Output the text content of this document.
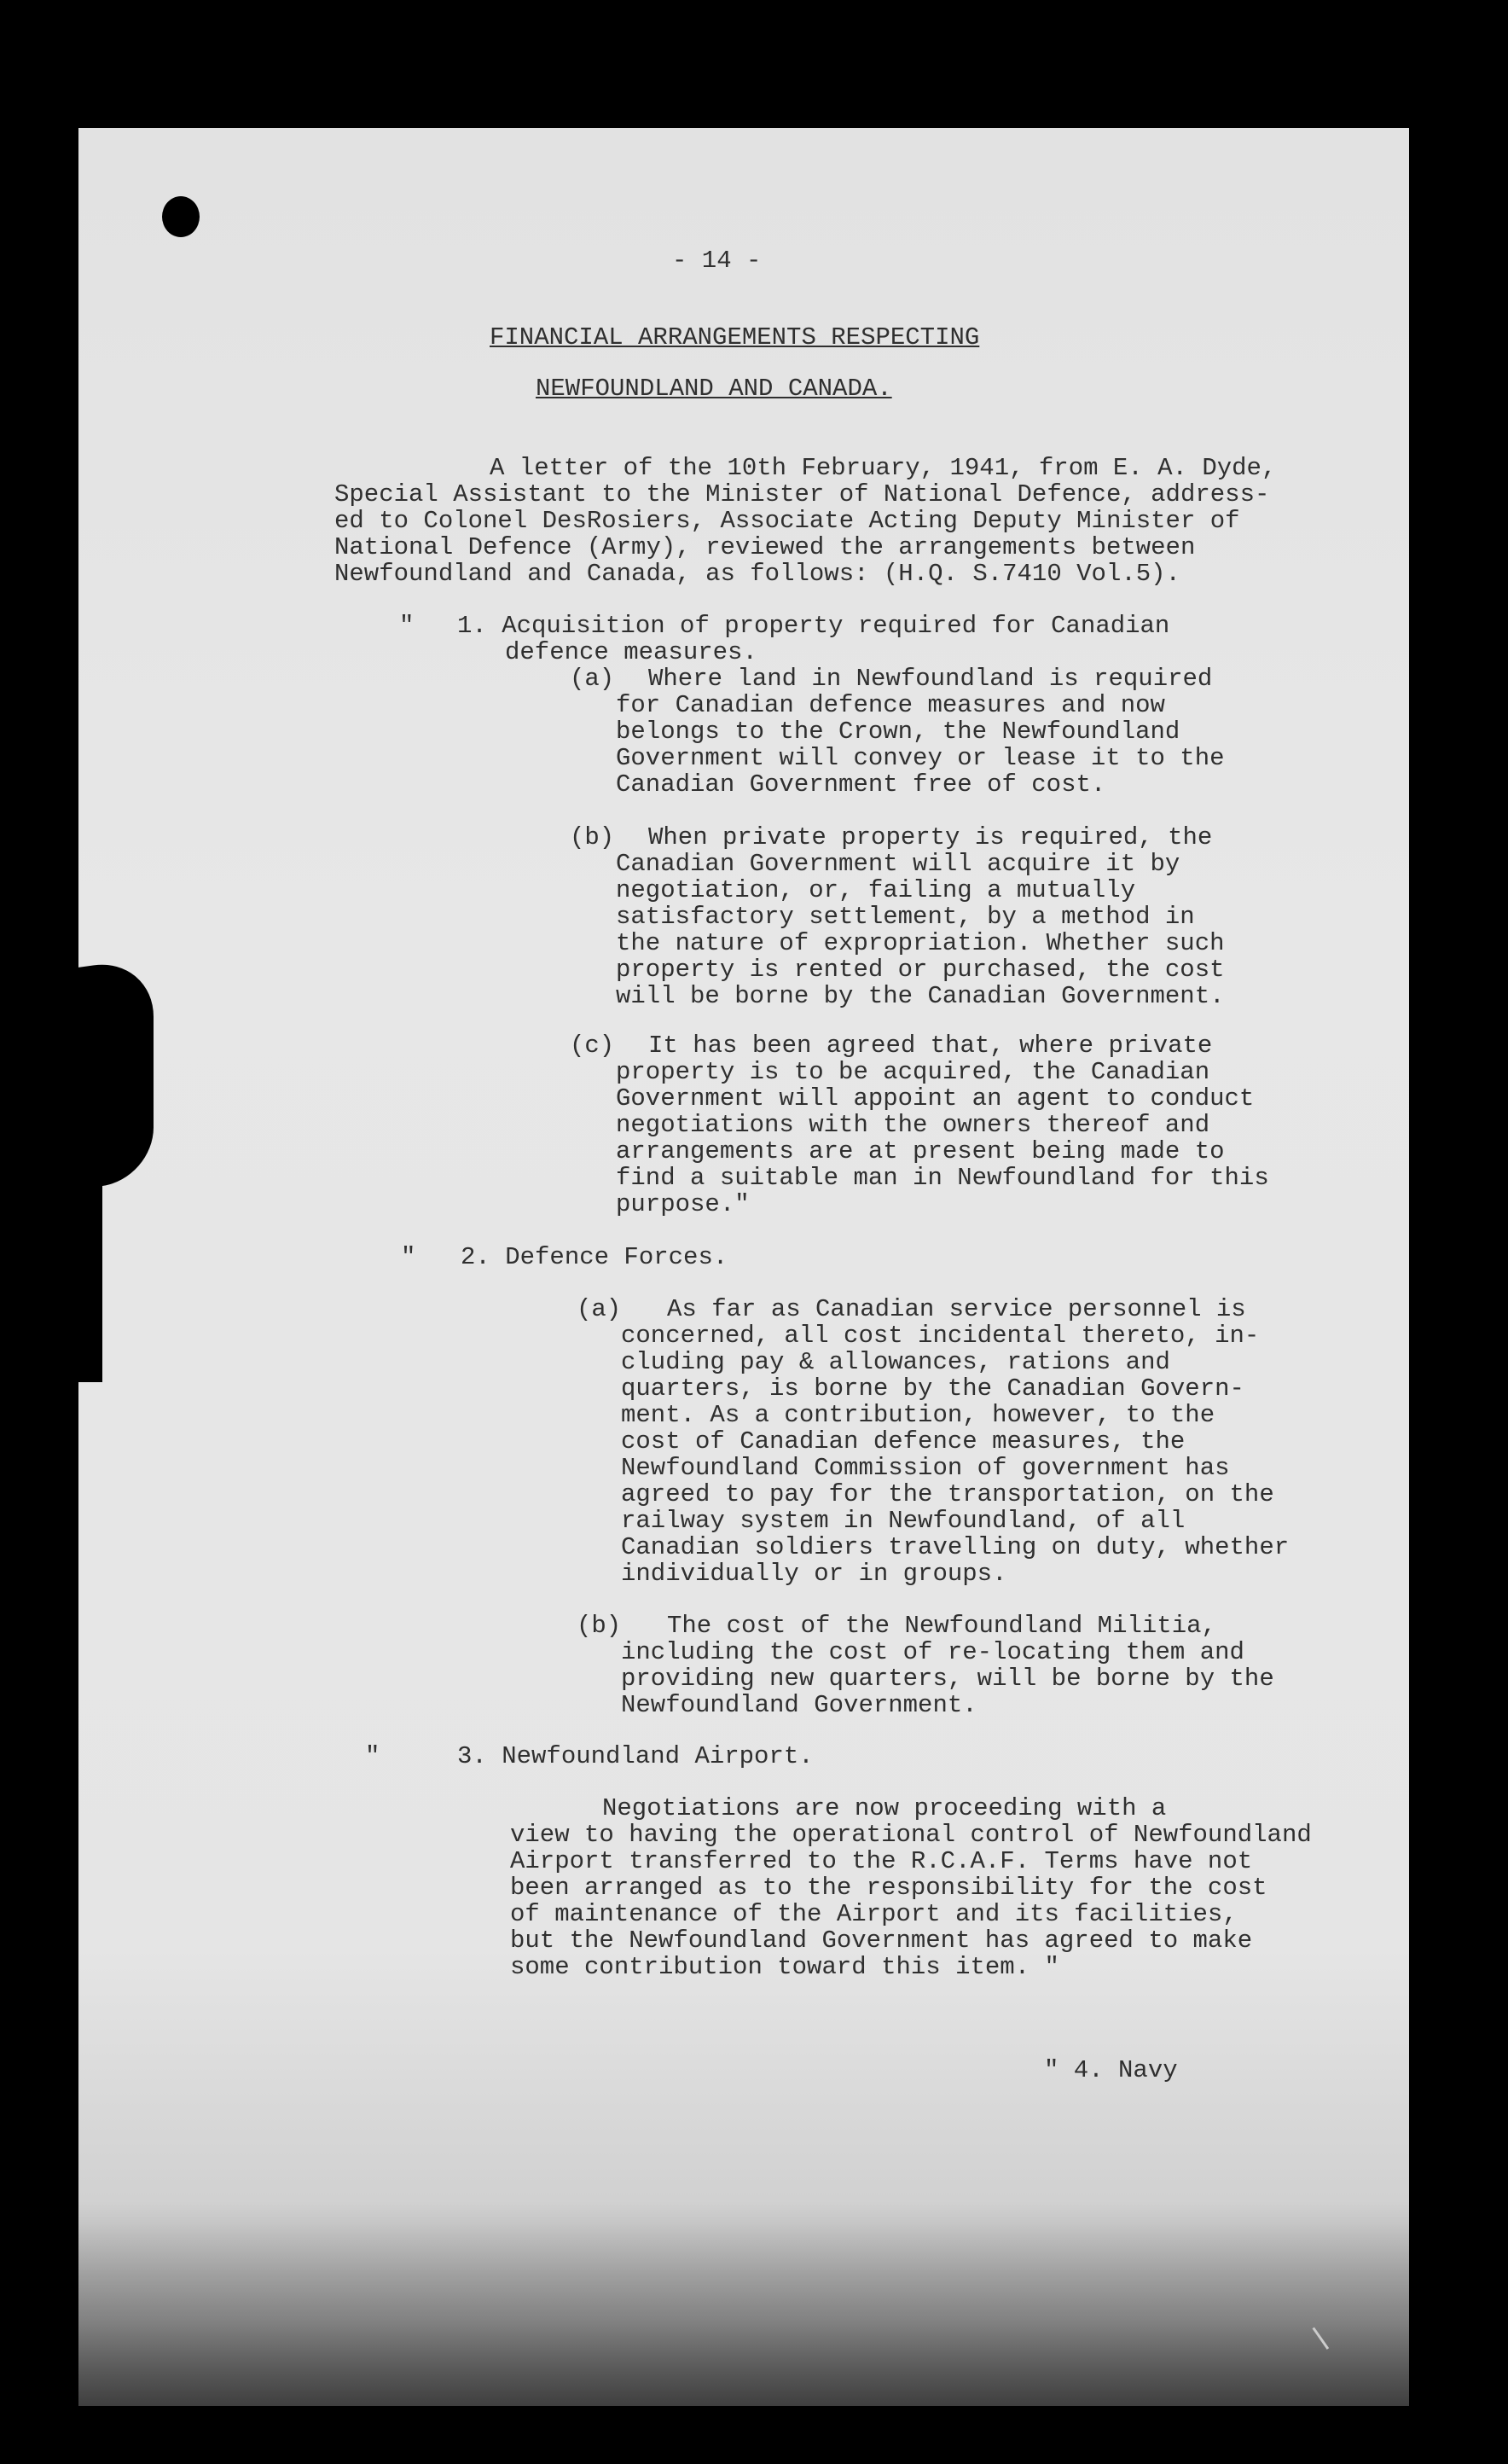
- 14 -
FINANCIAL ARRANGEMENTS RESPECTING
NEWFOUNDLAND AND CANADA.
A letter of the 10th February, 1941, from E. A. Dyde,
Special Assistant to the Minister of National Defence, address-
ed to Colonel DesRosiers, Associate Acting Deputy Minister of
National Defence (Army), reviewed the arrangements between
Newfoundland and Canada, as follows: (H.Q. S.7410 Vol.5).
" 1. Acquisition of property required for Canadian
defence measures.
(a) Where land in Newfoundland is required
for Canadian defence measures and now
belongs to the Crown, the Newfoundland
Government will convey or lease it to the
Canadian Government free of cost.
(b) When private property is required, the
Canadian Government will acquire it by
negotiation, or, failing a mutually
satisfactory settlement, by a method in
the nature of expropriation. Whether such
property is rented or purchased, the cost
will be borne by the Canadian Government.
(c) It has been agreed that, where private
property is to be acquired, the Canadian
Government will appoint an agent to conduct
negotiations with the owners thereof and
arrangements are at present being made to
find a suitable man in Newfoundland for this
purpose."
" 2. Defence Forces.
(a) As far as Canadian service personnel is
concerned, all cost incidental thereto, in-
cluding pay & allowances, rations and
quarters, is borne by the Canadian Govern-
ment. As a contribution, however, to the
cost of Canadian defence measures, the
Newfoundland Commission of government has
agreed to pay for the transportation, on the
railway system in Newfoundland, of all
Canadian soldiers travelling on duty, whether
individually or in groups.
(b) The cost of the Newfoundland Militia,
including the cost of re-locating them and
providing new quarters, will be borne by the
Newfoundland Government.
"	3. Newfoundland Airport.
Negotiations are now proceeding with a
view to having the operational control of Newfoundland
Airport transferred to the R.C.A.F. Terms have not
been arranged as to the responsibility for the cost
of maintenance of the Airport and its facilities,
but the Newfoundland Government has agreed to make
some contribution toward this item. "
" 4. Navy
